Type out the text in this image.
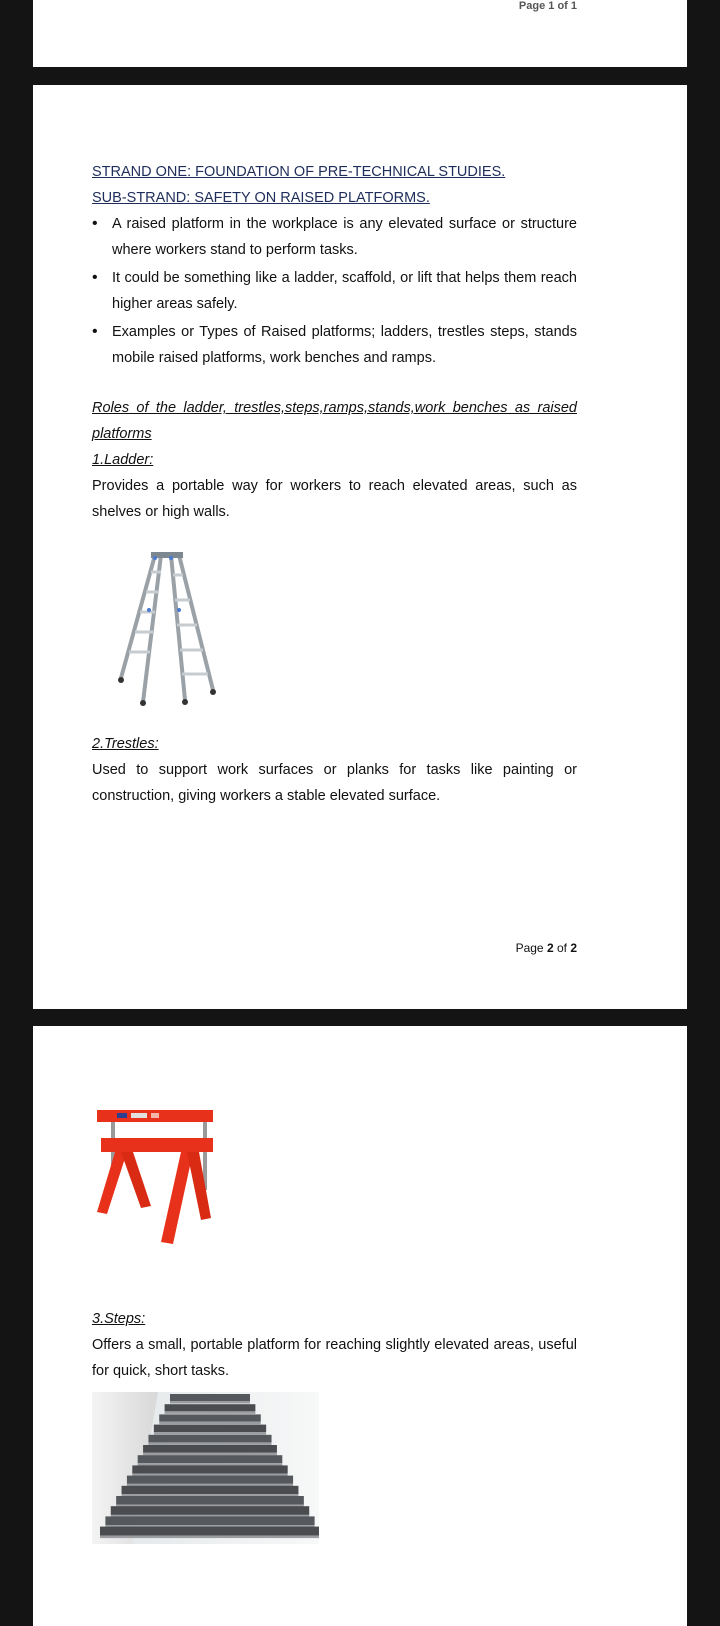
Page 1 of 1

STRAND ONE: FOUNDATION OF PRE-TECHNICAL STUDIES.

SUB-STRAND: SAFETY ON RAISED PLATFORMS.

• A raised platform in the workplace is any elevated surface or structure where workers stand to perform tasks.
• It could be something like a ladder, scaffold, or lift that helps them reach higher areas safely.
• Examples or Types of Raised platforms; ladders, trestles steps, stands mobile raised platforms, work benches and ramps.

Roles of the ladder, trestles,steps,ramps,stands,work benches as raised platforms

1.Ladder:

Provides a portable way for workers to reach elevated areas, such as shelves or high walls.

2.Trestles:

Used to support work surfaces or planks for tasks like painting or construction, giving workers a stable elevated surface.

Page 2 of 2

3.Steps:

Offers a small, portable platform for reaching slightly elevated areas, useful for quick, short tasks.
